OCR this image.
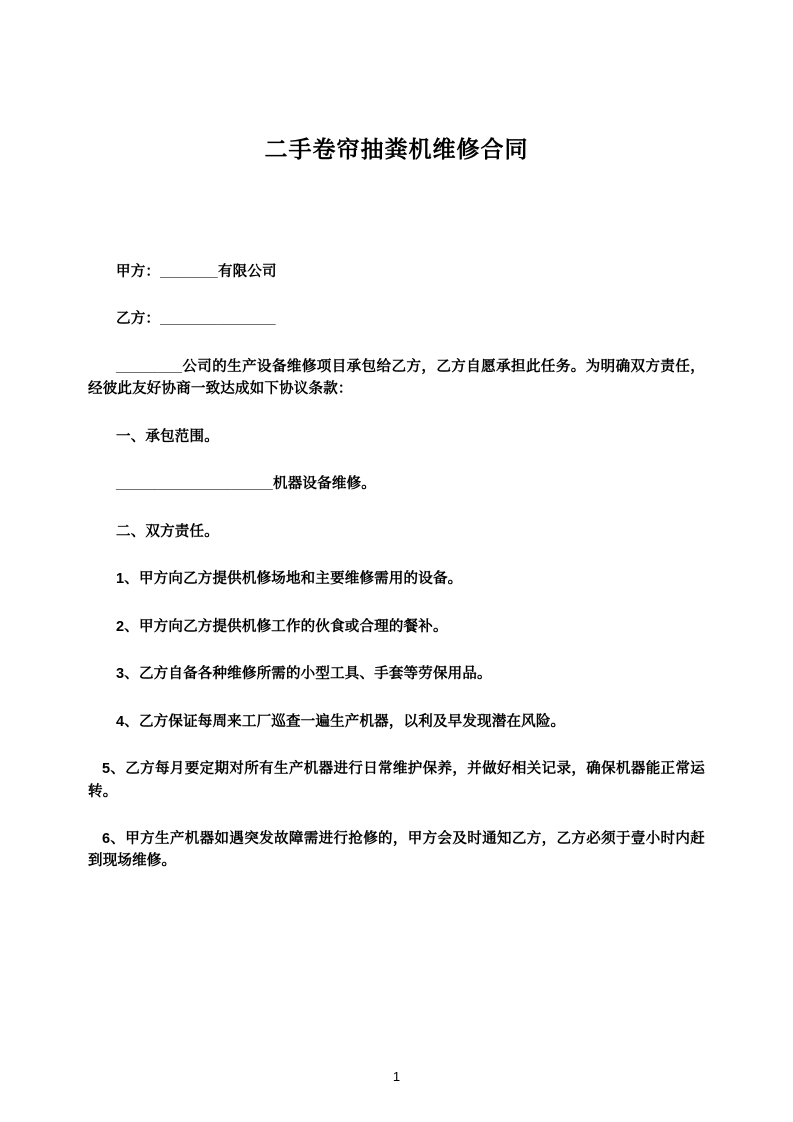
二手卷帘抽粪机维修合同

甲方：_______有限公司

乙方：______________

________公司的生产设备维修项目承包给乙方，乙方自愿承担此任务。为明确双方责任，经彼此友好协商一致达成如下协议条款：

一、承包范围。

___________________机器设备维修。

二、双方责任。

1、甲方向乙方提供机修场地和主要维修需用的设备。

2、甲方向乙方提供机修工作的伙食或合理的餐补。

3、乙方自备各种维修所需的小型工具、手套等劳保用品。

4、乙方保证每周来工厂巡查一遍生产机器，以利及早发现潜在风险。

5、乙方每月要定期对所有生产机器进行日常维护保养，并做好相关记录，确保机器能正常运转。

6、甲方生产机器如遇突发故障需进行抢修的，甲方会及时通知乙方，乙方必须于壹小时内赶到现场维修。

1
